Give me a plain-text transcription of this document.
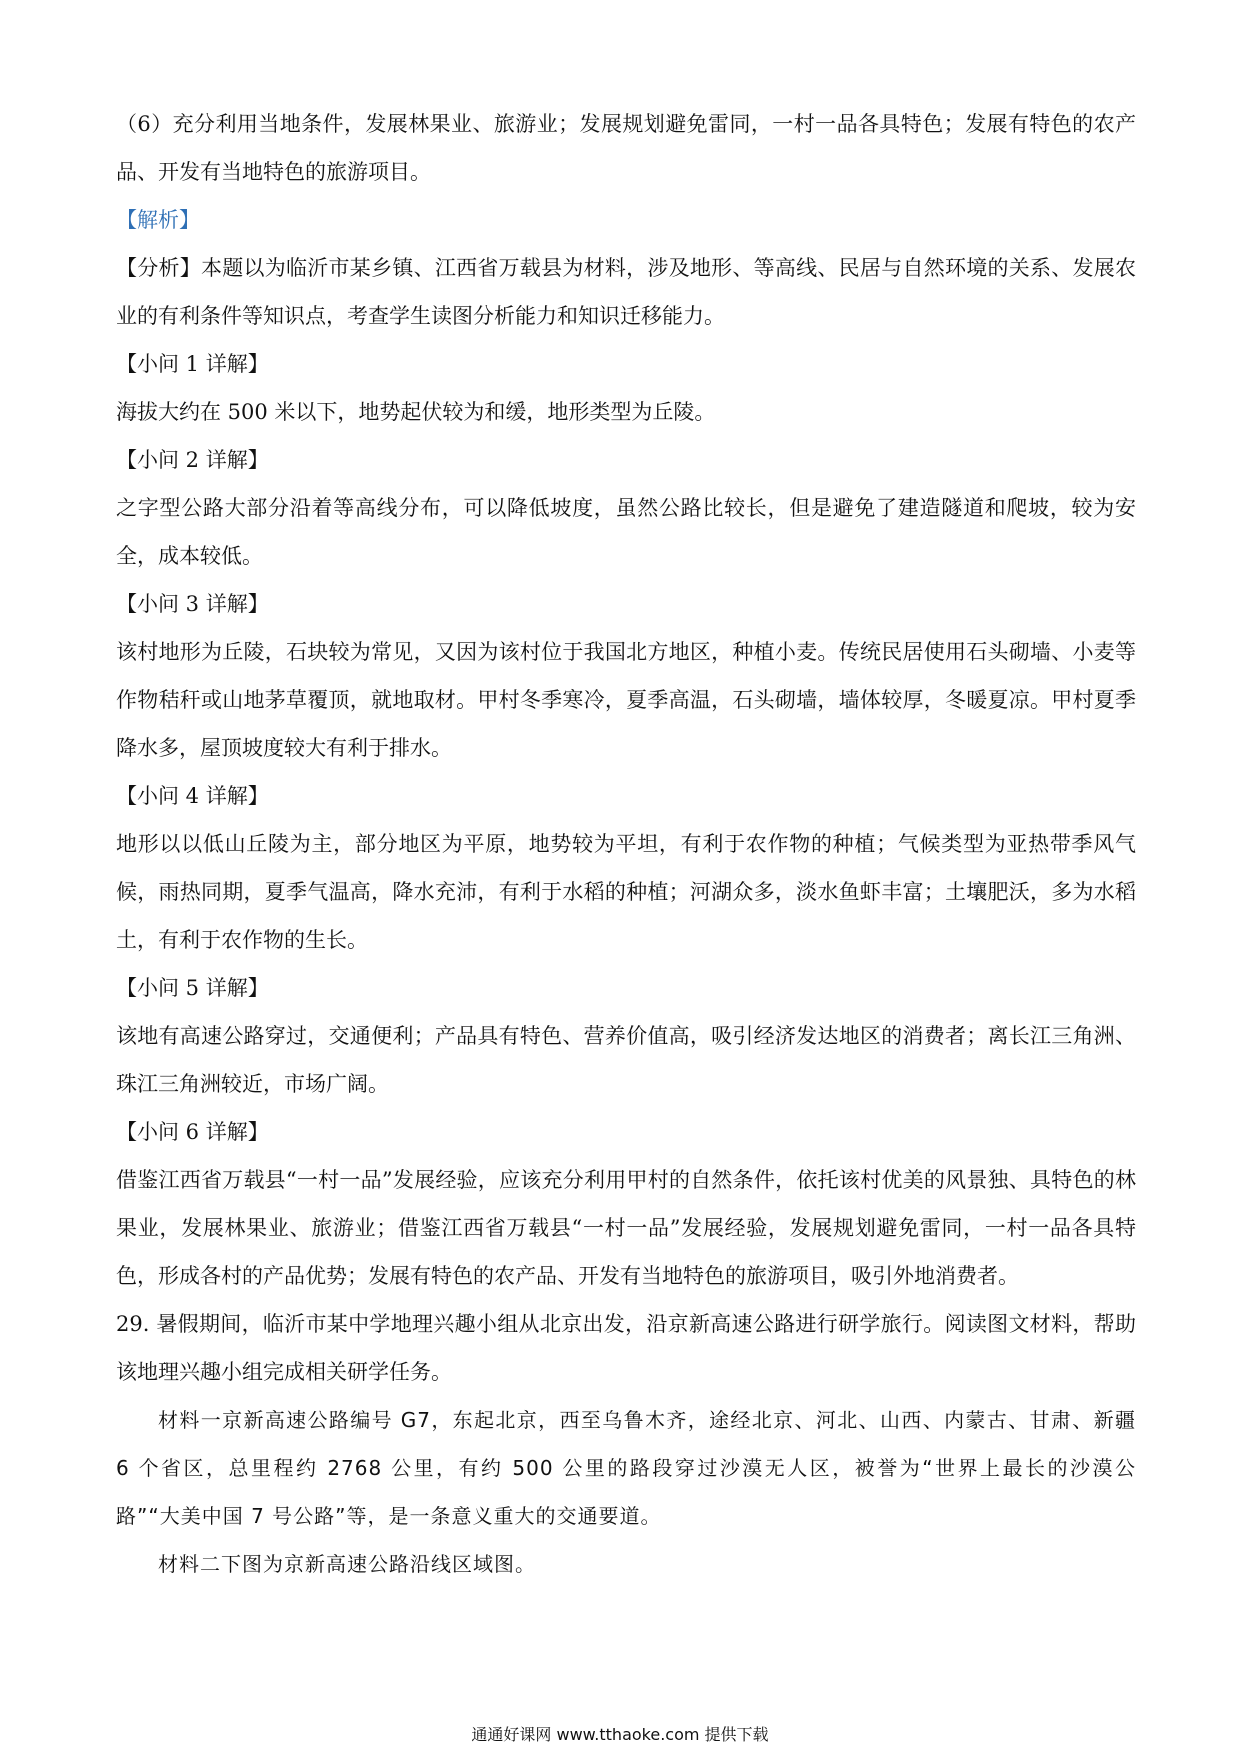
（6）充分利用当地条件，发展林果业、旅游业；发展规划避免雷同，一村一品各具特色；发展有特色的农产品、开发有当地特色的旅游项目。

【解析】

【分析】本题以为临沂市某乡镇、江西省万载县为材料，涉及地形、等高线、民居与自然环境的关系、发展农业的有利条件等知识点，考查学生读图分析能力和知识迁移能力。

【小问 1 详解】

海拔大约在 500 米以下，地势起伏较为和缓，地形类型为丘陵。

【小问 2 详解】

之字型公路大部分沿着等高线分布，可以降低坡度，虽然公路比较长，但是避免了建造隧道和爬坡，较为安全，成本较低。

【小问 3 详解】

该村地形为丘陵，石块较为常见，又因为该村位于我国北方地区，种植小麦。传统民居使用石头砌墙、小麦等作物秸秆或山地茅草覆顶，就地取材。甲村冬季寒冷，夏季高温，石头砌墙，墙体较厚，冬暖夏凉。甲村夏季降水多，屋顶坡度较大有利于排水。

【小问 4 详解】

地形以以低山丘陵为主，部分地区为平原，地势较为平坦，有利于农作物的种植；气候类型为亚热带季风气候，雨热同期，夏季气温高，降水充沛，有利于水稻的种植；河湖众多，淡水鱼虾丰富；土壤肥沃，多为水稻土，有利于农作物的生长。

【小问 5 详解】

该地有高速公路穿过，交通便利；产品具有特色、营养价值高，吸引经济发达地区的消费者；离长江三角洲、珠江三角洲较近，市场广阔。

【小问 6 详解】

借鉴江西省万载县“一村一品”发展经验，应该充分利用甲村的自然条件，依托该村优美的风景独、具特色的林果业，发展林果业、旅游业；借鉴江西省万载县“一村一品”发展经验，发展规划避免雷同，一村一品各具特色，形成各村的产品优势；发展有特色的农产品、开发有当地特色的旅游项目，吸引外地消费者。

29. 暑假期间，临沂市某中学地理兴趣小组从北京出发，沿京新高速公路进行研学旅行。阅读图文材料，帮助该地理兴趣小组完成相关研学任务。

材料一京新高速公路编号 G7，东起北京，西至乌鲁木齐，途经北京、河北、山西、内蒙古、甘肃、新疆 6 个省区，总里程约 2768 公里，有约 500 公里的路段穿过沙漠无人区，被誉为“世界上最长的沙漠公路”“大美中国 7 号公路”等，是一条意义重大的交通要道。

材料二下图为京新高速公路沿线区域图。

通通好课网 www.tthaoke.com 提供下载
